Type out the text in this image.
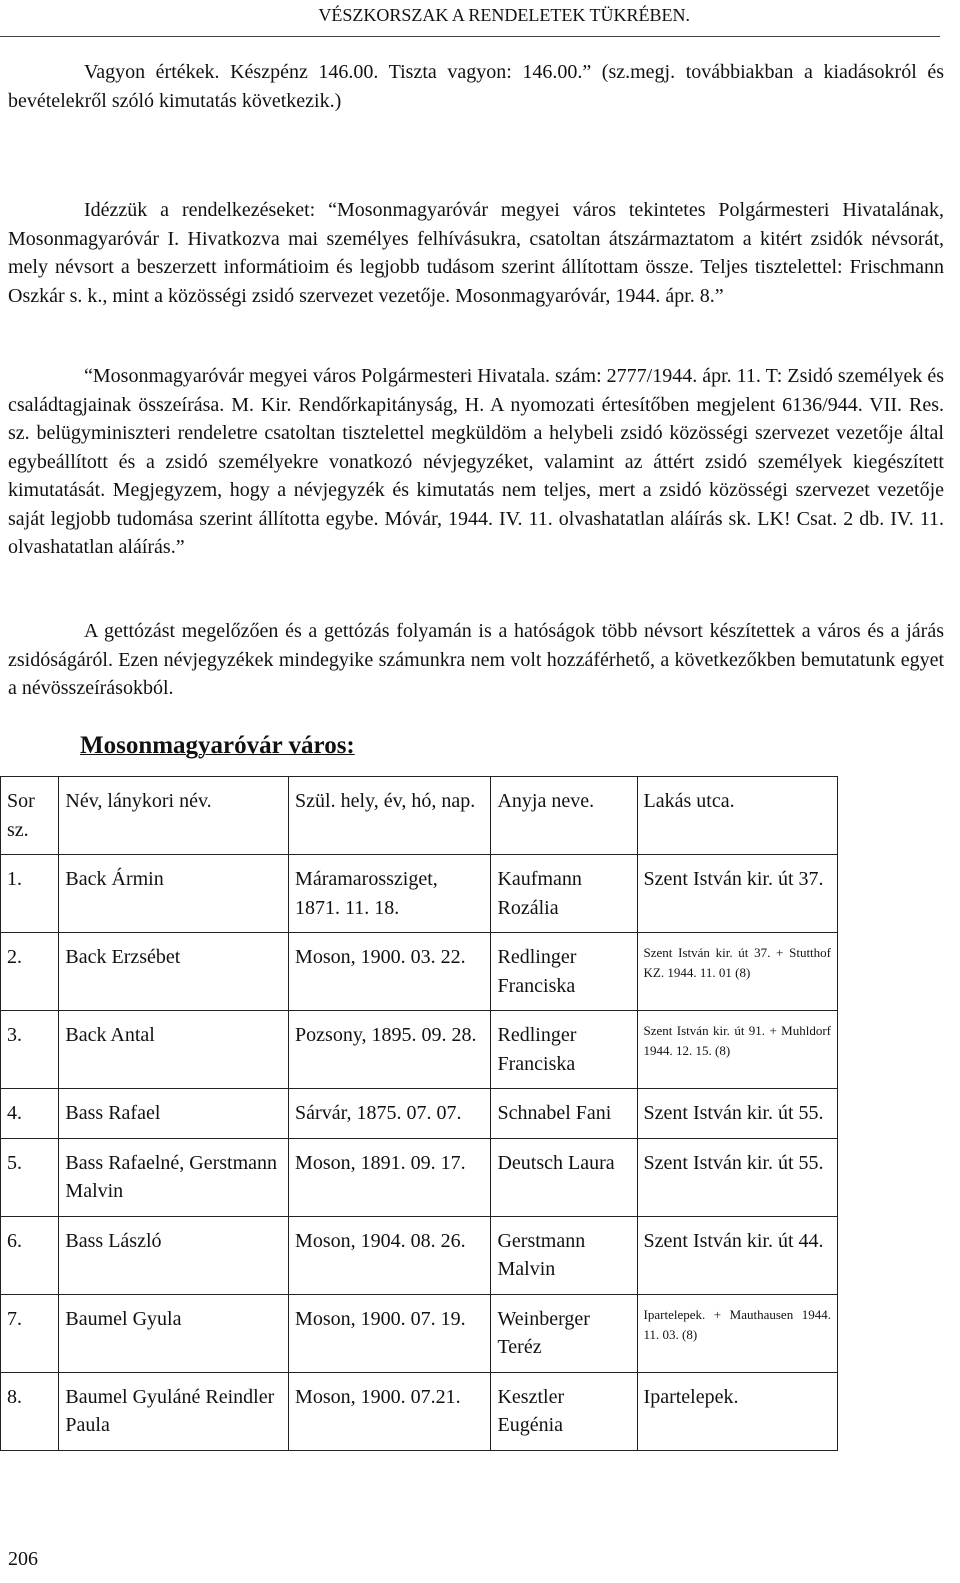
VÉSZKORSZAK A RENDELETEK TÜKRÉBEN.

Vagyon értékek. Készpénz 146.00. Tiszta vagyon: 146.00.” (sz.megj. továbbiakban a kiadásokról és bevételekről szóló kimutatás következik.)

Idézzük a rendelkezéseket: “Mosonmagyaróvár megyei város tekintetes Polgármesteri Hivatalának, Mosonmagyaróvár I. Hivatkozva mai személyes felhívásukra, csatoltan átszármaztatom a kitért zsidók névsorát, mely névsort a beszerzett informátioim és legjobb tudásom szerint állítottam össze. Teljes tisztelettel: Frischmann Oszkár s. k., mint a közösségi zsidó szervezet vezetője. Mosonmagyaróvár, 1944. ápr. 8.”

“Mosonmagyaróvár megyei város Polgármesteri Hivatala. szám: 2777/1944. ápr. 11. T: Zsidó személyek és családtagjainak összeírása. M. Kir. Rendőrkapitányság, H. A nyomozati értesítőben megjelent 6136/944. VII. Res. sz. belügyminiszteri rendeletre csatoltan tisztelettel megküldöm a helybeli zsidó közösségi szervezet vezetője által egybeállított és a zsidó személyekre vonatkozó névjegyzéket, valamint az áttért zsidó személyek kiegészített kimutatását. Megjegyzem, hogy a névjegyzék és kimutatás nem teljes, mert a zsidó közösségi szervezet vezetője saját legjobb tudomása szerint állította egybe. Móvár, 1944. IV. 11. olvashatatlan aláírás sk. LK! Csat. 2 db. IV. 11. olvashatatlan aláírás.”

A gettózást megelőzően és a gettózás folyamán is a hatóságok több névsort készítettek a város és a járás zsidóságáról. Ezen névjegyzékek mindegyike számunkra nem volt hozzáférhető, a következőkben bemutatunk egyet a névösszeírásokból.

Mosonmagyaróvár város:
Sor sz.	Név, lánykori név.	Szül. hely, év, hó, nap.	Anyja neve.	Lakás utca.
1.	Back Ármin	Máramarossziget, 1871. 11. 18.	Kaufmann Rozália	Szent István kir. út 37.
2.	Back Erzsébet	Moson, 1900. 03. 22.	Redlinger Franciska	Szent István kir. út 37. + Stutthof KZ. 1944. 11. 01 (8)

3.	Back Antal	Pozsony, 1895. 09. 28.	Redlinger Franciska	Szent István kir. út 91. + Muhldorf 1944. 12. 15. (8)

4.	Bass Rafael	Sárvár, 1875. 07. 07.	Schnabel Fani	Szent István kir. út 55.
5.	Bass Rafaelné, Gerstmann Malvin	Moson, 1891. 09. 17.	Deutsch Laura	Szent István kir. út 55.
6.	Bass László	Moson, 1904. 08. 26.	Gerstmann Malvin	Szent István kir. út 44.
7.	Baumel Gyula	Moson, 1900. 07. 19.	Weinberger Teréz	Ipartelepek. + Mauthausen 1944. 11. 03. (8)

8.	Baumel Gyuláné Reindler Paula	Moson, 1900. 07.21.	Kesztler Eugénia	Ipartelepek.
206
